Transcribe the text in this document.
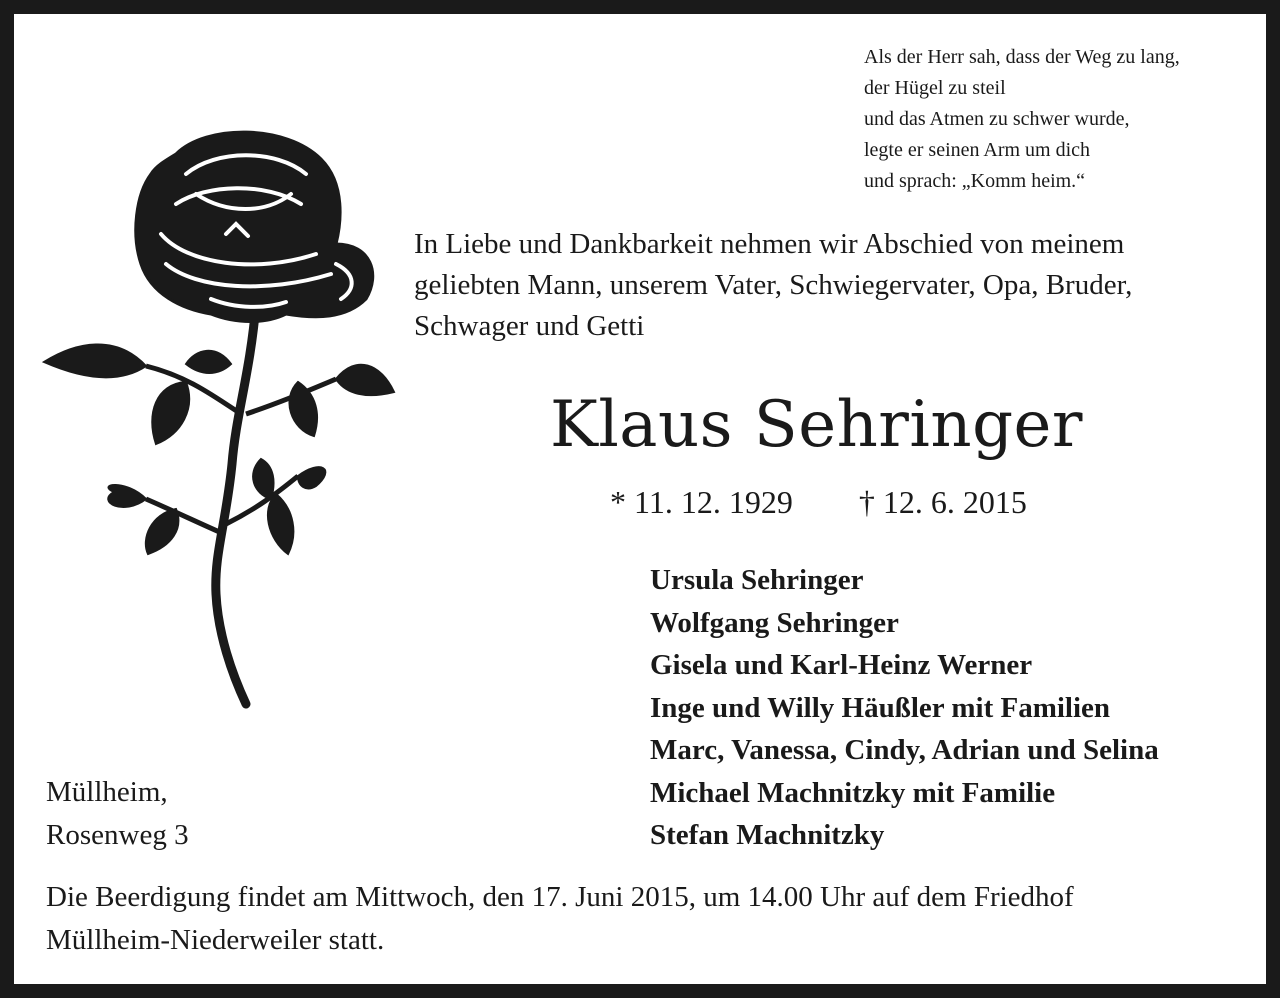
Als der Herr sah, dass der Weg zu lang,
der Hügel zu steil
und das Atmen zu schwer wurde,
legte er seinen Arm um dich
und sprach: „Komm heim.“
In Liebe und Dankbarkeit nehmen wir Abschied von meinem
geliebten Mann, unserem Vater, Schwiegervater, Opa, Bruder,
Schwager und Getti
Klaus Sehringer
* 11. 12. 1929 † 12. 6. 2015
Ursula Sehringer
Wolfgang Sehringer
Gisela und Karl-Heinz Werner
Inge und Willy Häußler mit Familien
Marc, Vanessa, Cindy, Adrian und Selina
Michael Machnitzky mit Familie
Stefan Machnitzky
Müllheim,
Rosenweg 3
Die Beerdigung findet am Mittwoch, den 17. Juni 2015, um 14.00 Uhr auf dem Friedhof
Müllheim-Niederweiler statt.
